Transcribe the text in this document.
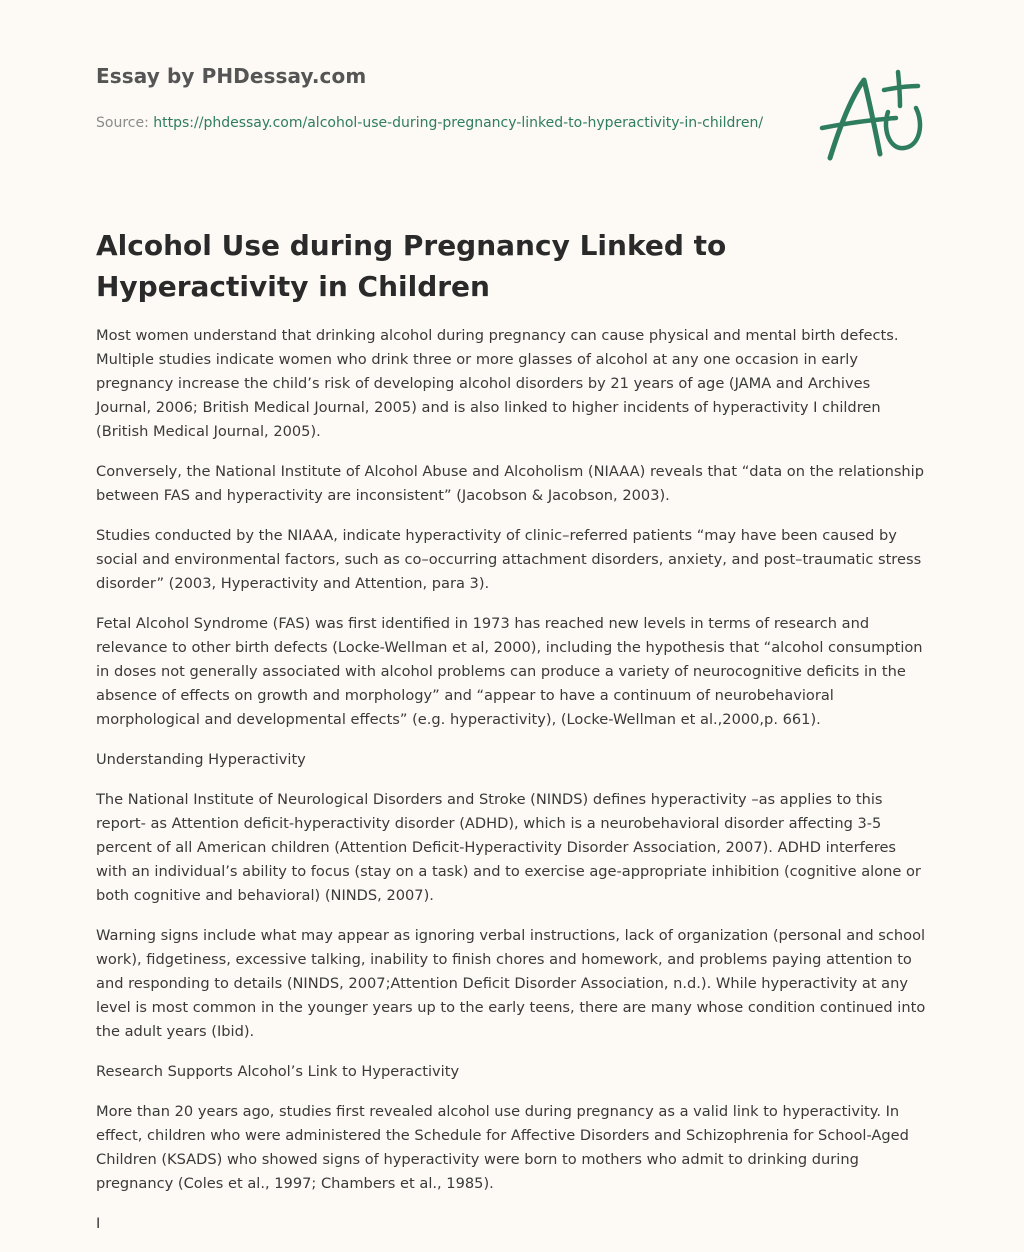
Essay by PHDessay.com
Source: https://phdessay.com/alcohol-use-during-pregnancy-linked-to-hyperactivity-in-children/
Alcohol Use during Pregnancy Linked to Hyperactivity in Children

Most women understand that drinking alcohol during pregnancy can cause physical and mental birth defects. Multiple studies indicate women who drink three or more glasses of alcohol at any one occasion in early pregnancy increase the child’s risk of developing alcohol disorders by 21 years of age (JAMA and Archives Journal, 2006; British Medical Journal, 2005) and is also linked to higher incidents of hyperactivity I children (British Medical Journal, 2005).

Conversely, the National Institute of Alcohol Abuse and Alcoholism (NIAAA) reveals that “data on the relationship between FAS and hyperactivity are inconsistent” (Jacobson & Jacobson, 2003).

Studies conducted by the NIAAA, indicate hyperactivity of clinic–referred patients “may have been caused by social and environmental factors, such as co–occurring attachment disorders, anxiety, and post–traumatic stress disorder” (2003, Hyperactivity and Attention, para 3).

Fetal Alcohol Syndrome (FAS) was first identified in 1973 has reached new levels in terms of research and relevance to other birth defects (Locke-Wellman et al, 2000), including the hypothesis that “alcohol consumption in doses not generally associated with alcohol problems can produce a variety of neurocognitive deficits in the absence of effects on growth and morphology” and “appear to have a continuum of neurobehavioral morphological and developmental effects” (e.g. hyperactivity), (Locke-Wellman et al.,2000,p. 661).

Understanding Hyperactivity

The National Institute of Neurological Disorders and Stroke (NINDS) defines hyperactivity –as applies to this report- as Attention deficit-hyperactivity disorder (ADHD), which is a neurobehavioral disorder affecting 3-5 percent of all American children (Attention Deficit-Hyperactivity Disorder Association, 2007). ADHD interferes with an individual’s ability to focus (stay on a task) and to exercise age-appropriate inhibition (cognitive alone or both cognitive and behavioral) (NINDS, 2007).

Warning signs include what may appear as ignoring verbal instructions, lack of organization (personal and school work), fidgetiness, excessive talking, inability to finish chores and homework, and problems paying attention to and responding to details (NINDS, 2007;Attention Deficit Disorder Association, n.d.). While hyperactivity at any level is most common in the younger years up to the early teens, there are many whose condition continued into the adult years (Ibid).

Research Supports Alcohol’s Link to Hyperactivity

More than 20 years ago, studies first revealed alcohol use during pregnancy as a valid link to hyperactivity. In effect, children who were administered the Schedule for Affective Disorders and Schizophrenia for School-Aged Children (KSADS) who showed signs of hyperactivity were born to mothers who admit to drinking during pregnancy (Coles et al., 1997; Chambers et al., 1985).

I
